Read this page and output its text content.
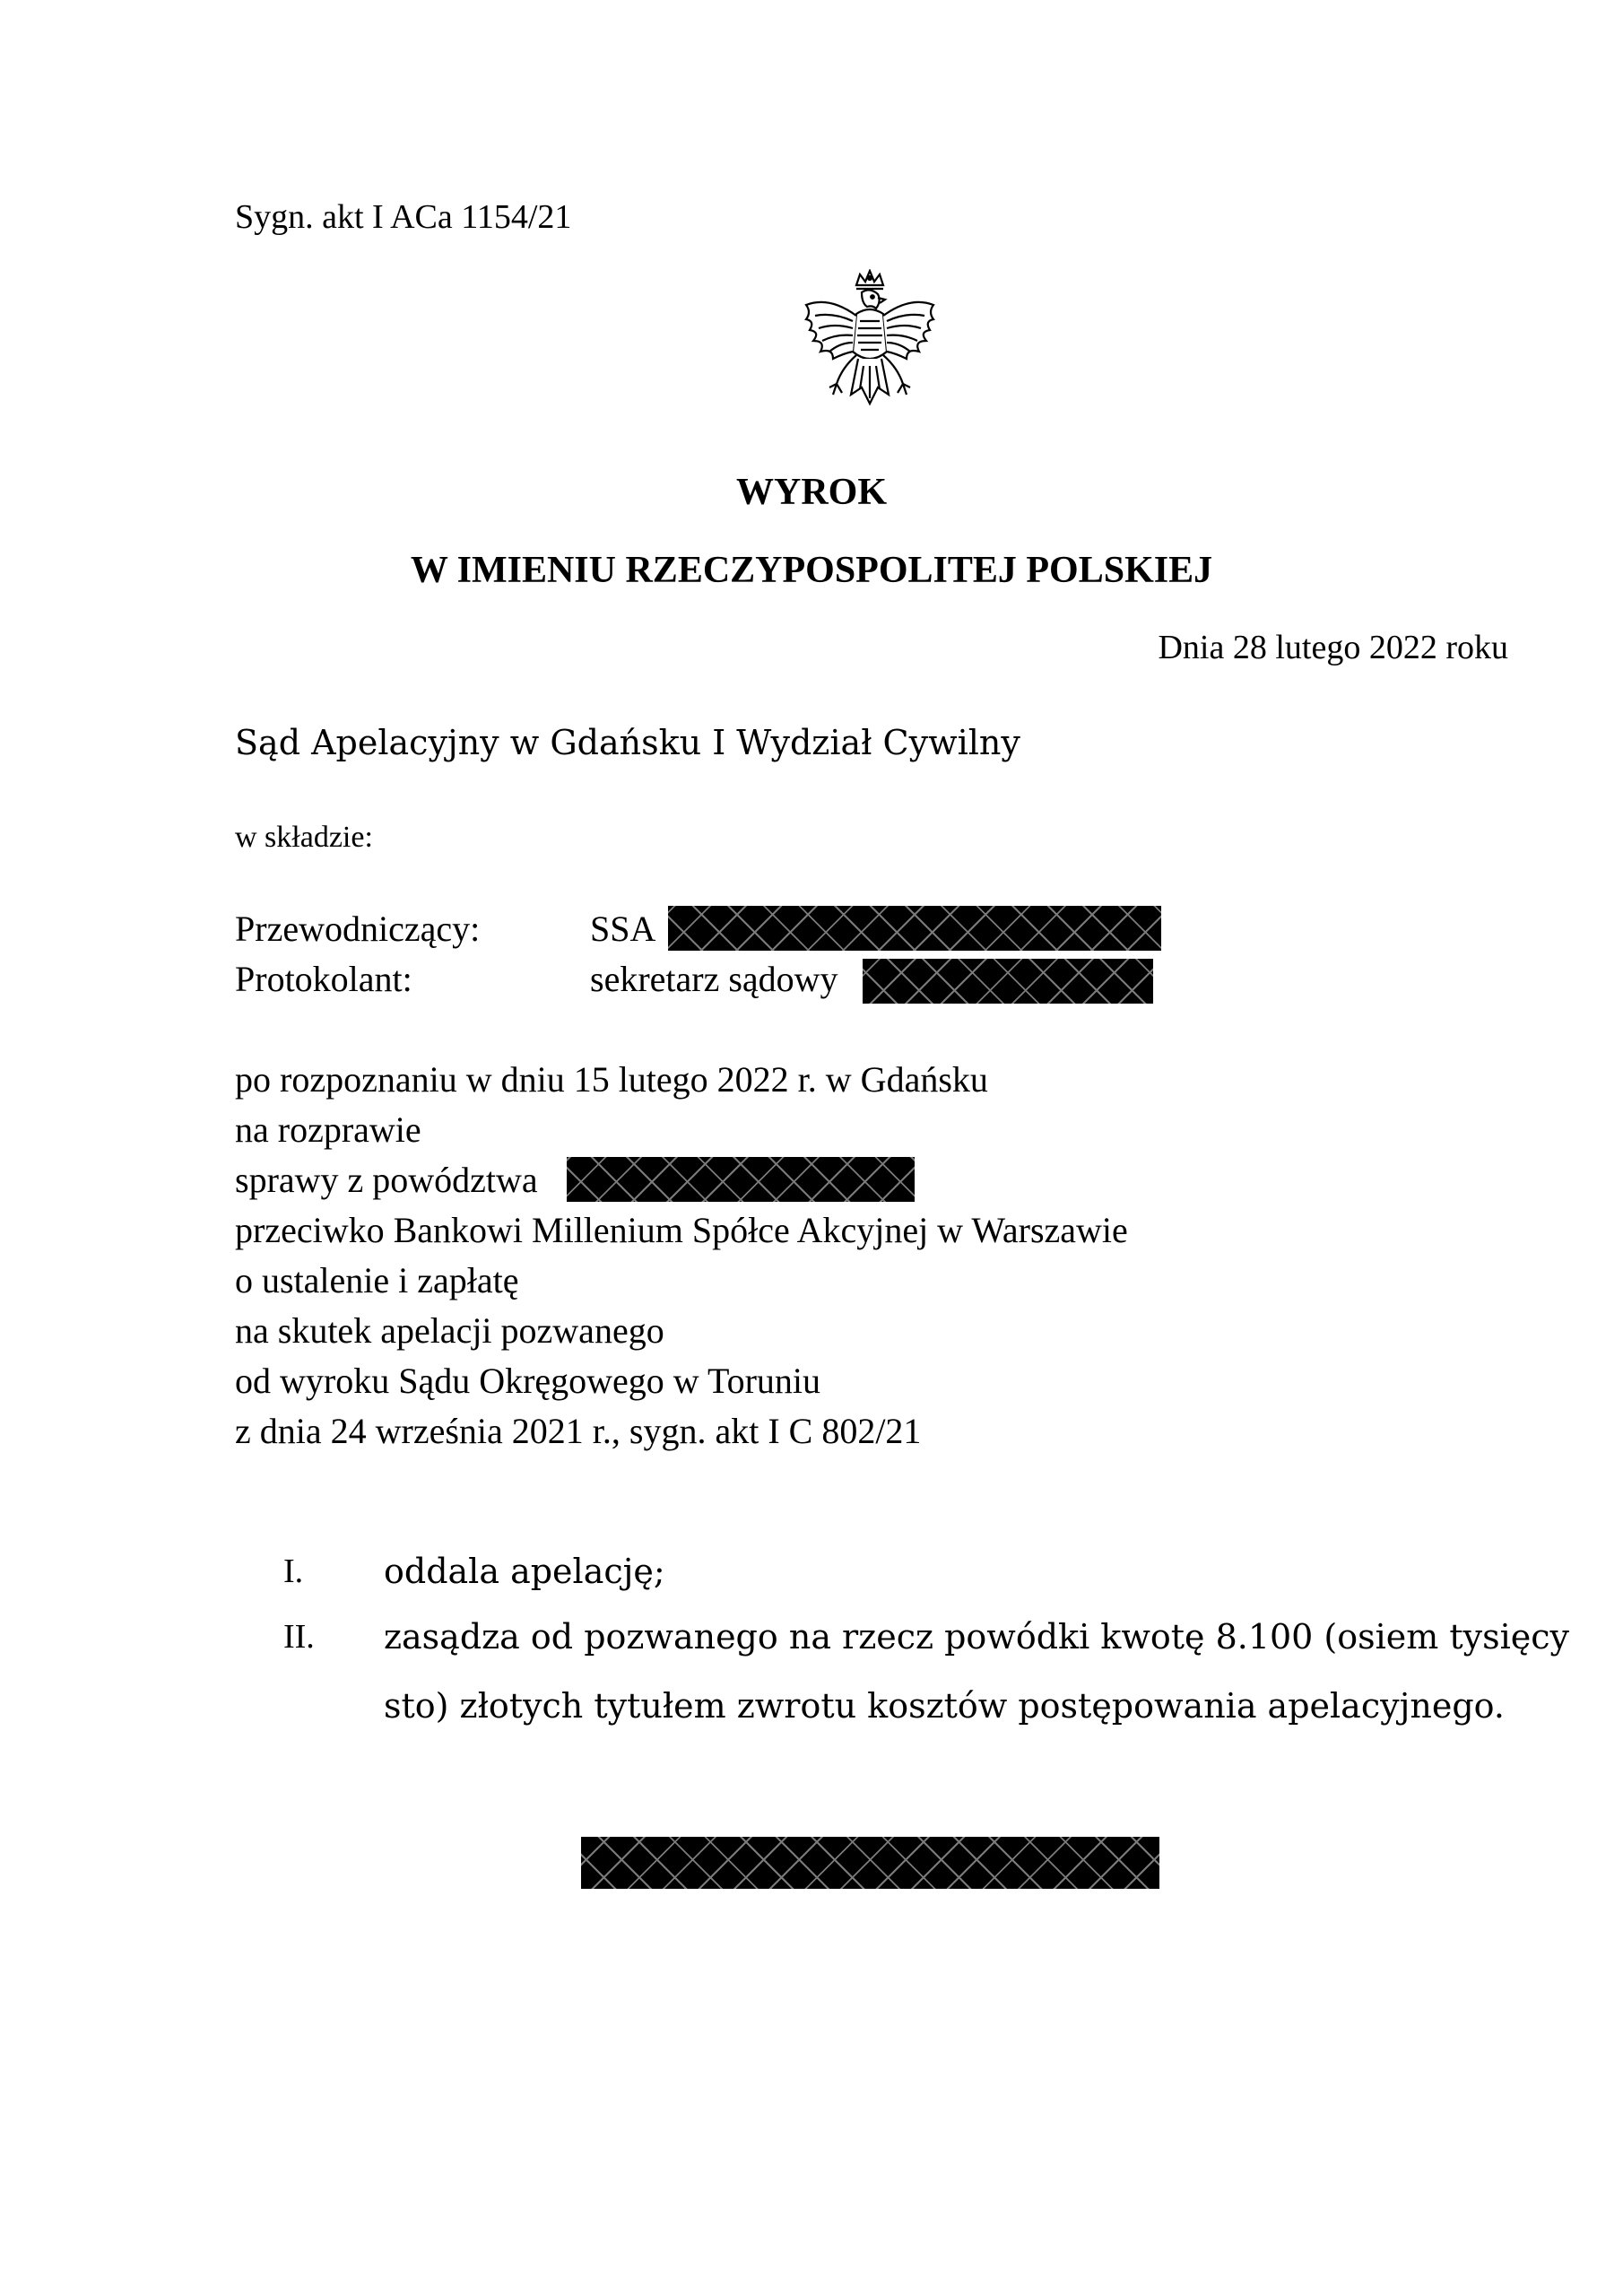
Sygn. akt I ACa 1154/21
WYROK
W IMIENIU RZECZYPOSPOLITEJ POLSKIEJ
Dnia 28 lutego 2022 roku
Sąd Apelacyjny w Gdańsku I Wydział Cywilny
w składzie:
Przewodniczący:	SSA
Protokolant:	sekretarz sądowy
po rozpoznaniu w dniu 15 lutego 2022 r. w Gdańsku
na rozprawie
sprawy z powództwa
przeciwko Bankowi Millenium Spółce Akcyjnej w Warszawie
o ustalenie i zapłatę
na skutek apelacji pozwanego
od wyroku Sądu Okręgowego w Toruniu
z dnia 24 września 2021 r., sygn. akt I C 802/21
I. oddala apelację;
II. zasądza od pozwanego na rzecz powódki kwotę 8.100 (osiem tysięcy
sto) złotych tytułem zwrotu kosztów postępowania apelacyjnego.
